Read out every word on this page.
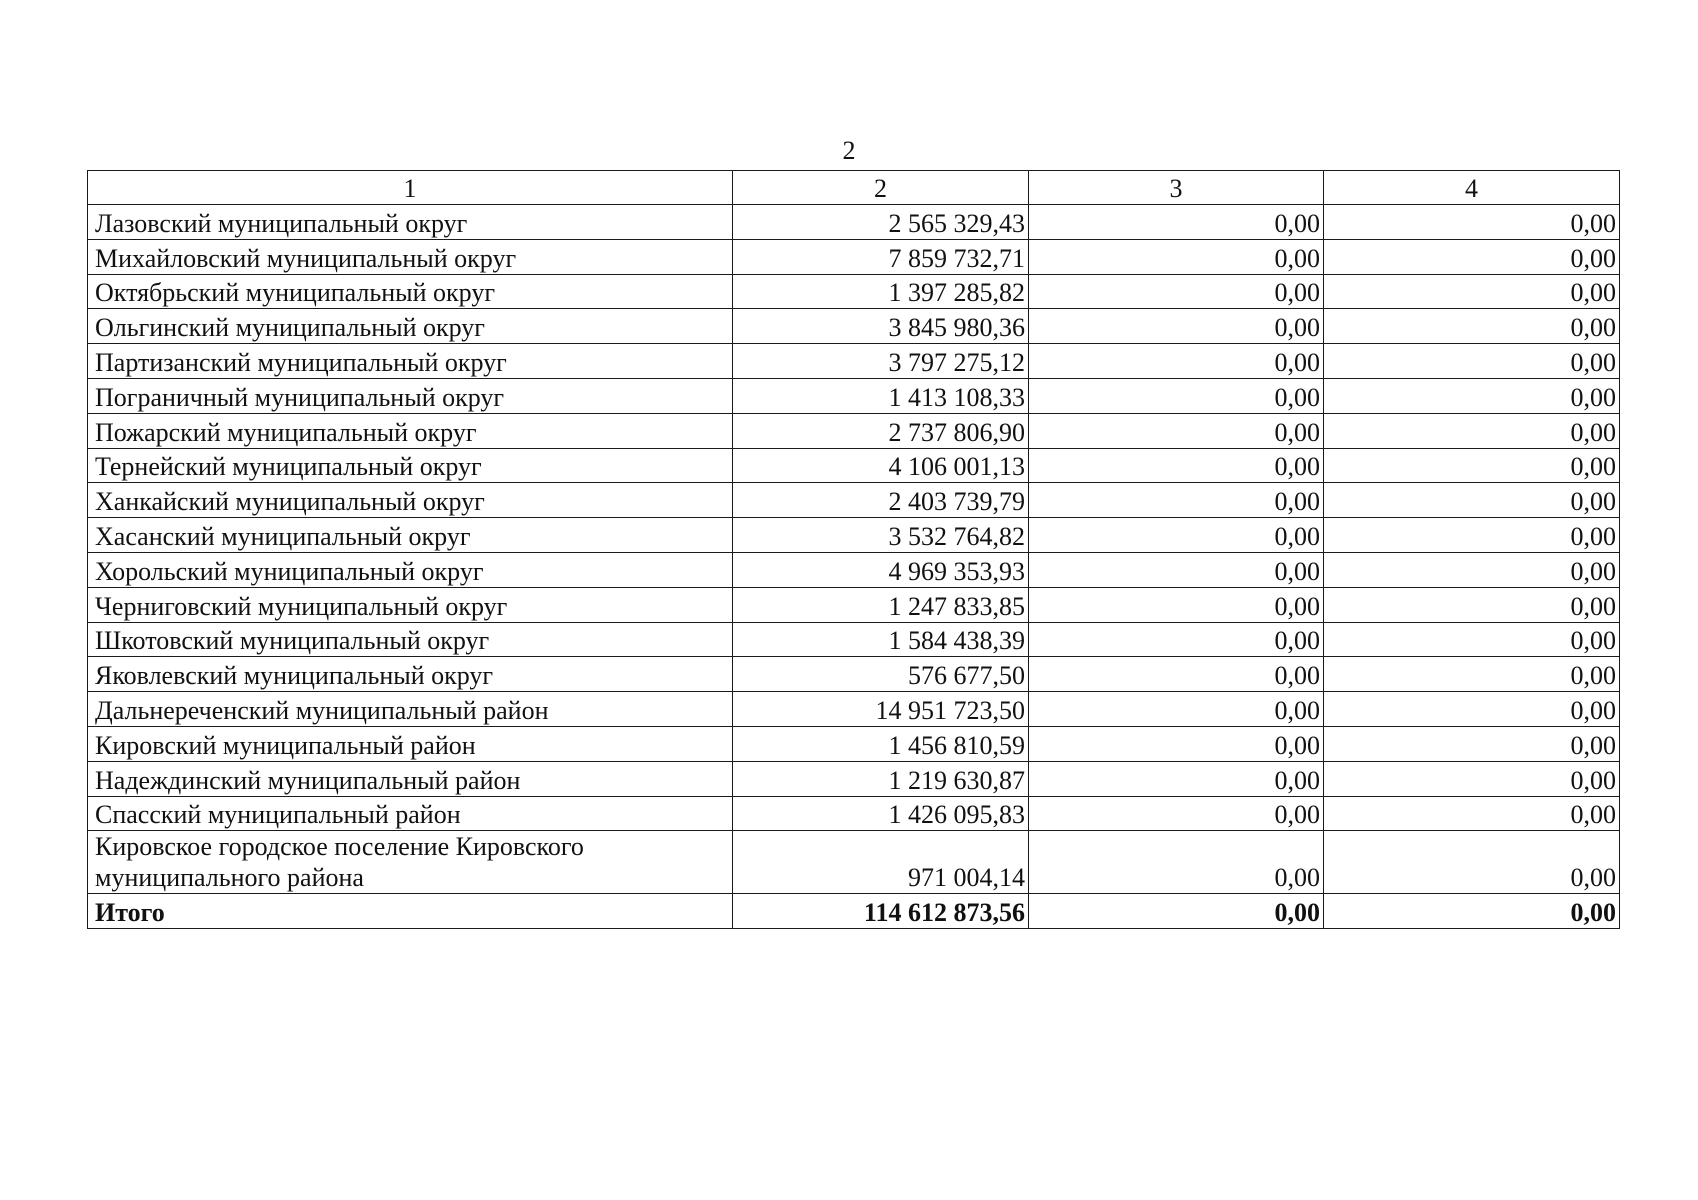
2
1	2	3	4
Лазовский муниципальный округ	2 565 329,43	0,00	0,00
Михайловский муниципальный округ	7 859 732,71	0,00	0,00
Октябрьский муниципальный округ	1 397 285,82	0,00	0,00
Ольгинский муниципальный округ	3 845 980,36	0,00	0,00
Партизанский муниципальный округ	3 797 275,12	0,00	0,00
Пограничный муниципальный округ	1 413 108,33	0,00	0,00
Пожарский муниципальный округ	2 737 806,90	0,00	0,00
Тернейский муниципальный округ	4 106 001,13	0,00	0,00
Ханкайский муниципальный округ	2 403 739,79	0,00	0,00
Хасанский муниципальный округ	3 532 764,82	0,00	0,00
Хорольский муниципальный округ	4 969 353,93	0,00	0,00
Черниговский муниципальный округ	1 247 833,85	0,00	0,00
Шкотовский муниципальный округ	1 584 438,39	0,00	0,00
Яковлевский муниципальный округ	576 677,50	0,00	0,00
Дальнереченский муниципальный район	14 951 723,50	0,00	0,00
Кировский муниципальный район	1 456 810,59	0,00	0,00
Надеждинский муниципальный район	1 219 630,87	0,00	0,00
Спасский муниципальный район	1 426 095,83	0,00	0,00
Кировское городское поселение Кировского муниципального района	971 004,14	0,00	0,00
Итого	114 612 873,56	0,00	0,00
